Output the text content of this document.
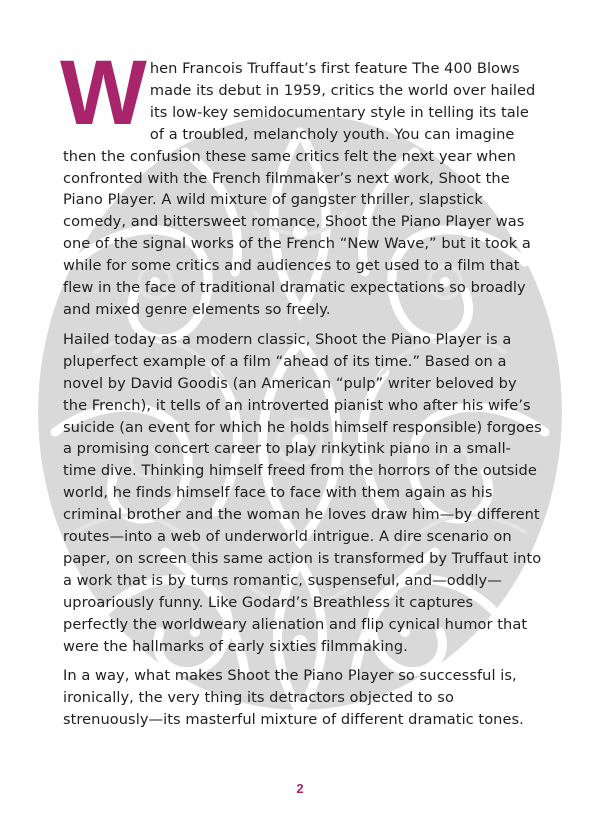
When Francois Truffaut’s first feature The 400 Blows made its debut in 1959, critics the world over hailed its low-key semidocumentary style in telling its tale of a troubled, melancholy youth. You can imagine then the confusion these same critics felt the next year when confronted with the French filmmaker’s next work, Shoot the Piano Player. A wild mixture of gangster thriller, slapstick comedy, and bittersweet romance, Shoot the Piano Player was one of the signal works of the French “New Wave,” but it took a while for some critics and audiences to get used to a film that flew in the face of traditional dramatic expectations so broadly and mixed genre elements so freely.

Hailed today as a modern classic, Shoot the Piano Player is a pluperfect example of a film “ahead of its time.” Based on a novel by David Goodis (an American “pulp” writer beloved by the French), it tells of an introverted pianist who after his wife’s suicide (an event for which he holds himself responsible) forgoes a promising concert career to play rinkytink piano in a small-time dive. Thinking himself freed from the horrors of the outside world, he finds himself face to face with them again as his criminal brother and the woman he loves draw him—by different routes—into a web of underworld intrigue. A dire scenario on paper, on screen this same action is transformed by Truffaut into a work that is by turns romantic, suspenseful, and—oddly—uproariously funny. Like Godard’s Breathless it captures perfectly the worldweary alienation and flip cynical humor that were the hallmarks of early sixties filmmaking.

In a way, what makes Shoot the Piano Player so successful is, ironically, the very thing its detractors objected to so strenuously—its masterful mixture of different dramatic tones.

2
